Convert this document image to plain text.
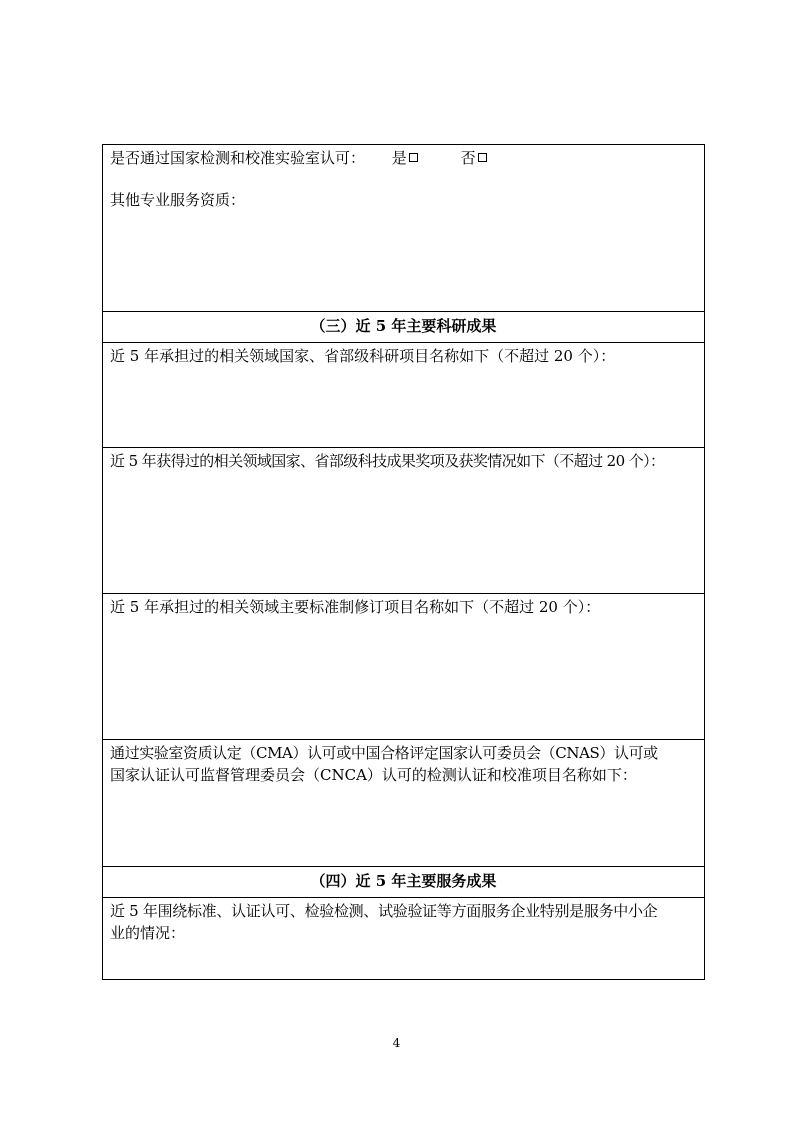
是否通过国家检测和校准实验室认可： 是	否

其他专业服务资质：

（三）近 5 年主要科研成果

近 5 年承担过的相关领域国家、省部级科研项目名称如下（不超过 20 个）：

近 5 年获得过的相关领域国家、省部级科技成果奖项及获奖情况如下（不超过 20 个）：

近 5 年承担过的相关领域主要标准制修订项目名称如下（不超过 20 个）：

通过实验室资质认定（CMA）认可或中国合格评定国家认可委员会（CNAS）认可或

国家认证认可监督管理委员会（CNCA）认可的检测认证和校准项目名称如下：

（四）近 5 年主要服务成果

近 5 年围绕标准、认证认可、检验检测、试验验证等方面服务企业特别是服务中小企

业的情况：

4
